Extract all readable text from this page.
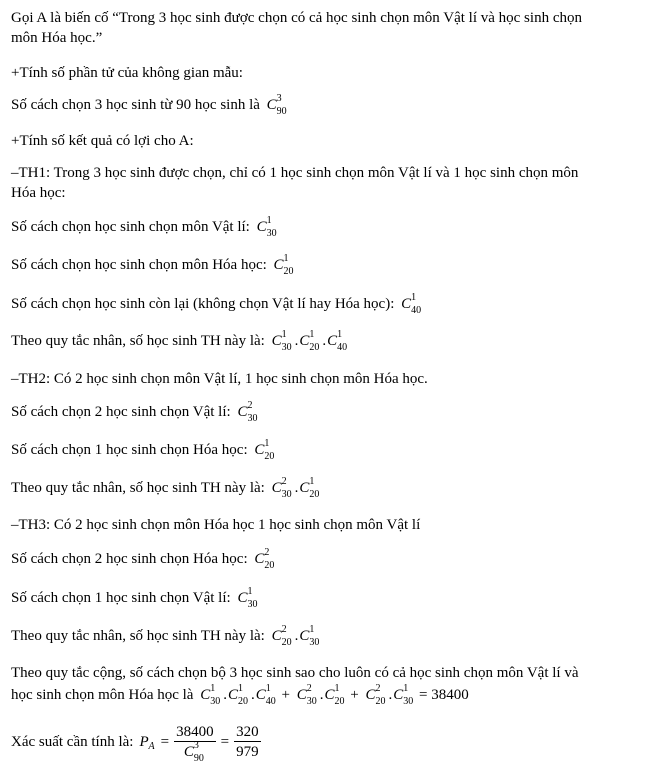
Gọi A là biến cố “Trong 3 học sinh được chọn có cả học sinh chọn môn Vật lí và học sinh chọn
môn Hóa học.”
+Tính số phần tử của không gian mẫu:
Số cách chọn 3 học sinh từ 90 học sinh là C 3
90
+Tính số kết quả có lợi cho A:
–TH1: Trong 3 học sinh được chọn, chỉ có 1 học sinh chọn môn Vật lí và 1 học sinh chọn môn
Hóa học:
Số cách chọn học sinh chọn môn Vật lí: C 1
30
Số cách chọn học sinh chọn môn Hóa học: C 1
20
Số cách chọn học sinh còn lại (không chọn Vật lí hay Hóa học): C 1
40
Theo quy tắc nhân, số học sinh TH này là: C 1
30 .C 1
20 .C 1
40
–TH2: Có 2 học sinh chọn môn Vật lí, 1 học sinh chọn môn Hóa học.
Số cách chọn 2 học sinh chọn Vật lí: C 2
30
Số cách chọn 1 học sinh chọn Hóa học: C 1
20
Theo quy tắc nhân, số học sinh TH này là: C 2
30 .C 1
20
–TH3: Có 2 học sinh chọn môn Hóa học 1 học sinh chọn môn Vật lí
Số cách chọn 2 học sinh chọn Hóa học: C 2
20
Số cách chọn 1 học sinh chọn Vật lí: C 1
30
Theo quy tắc nhân, số học sinh TH này là: C 2
20 .C 1
30
Theo quy tắc cộng, số cách chọn bộ 3 học sinh sao cho luôn có cả học sinh chọn môn Vật lí và
học sinh chọn môn Hóa học là C 1
30 .C 1
20 .C 1
40 + C 2
30 .C 1
20 + C 2
20 .C 1
30 = 38400
Xác suất cần tính là: P A = 38400
C 3
$90 = \frac{320}{979}$
